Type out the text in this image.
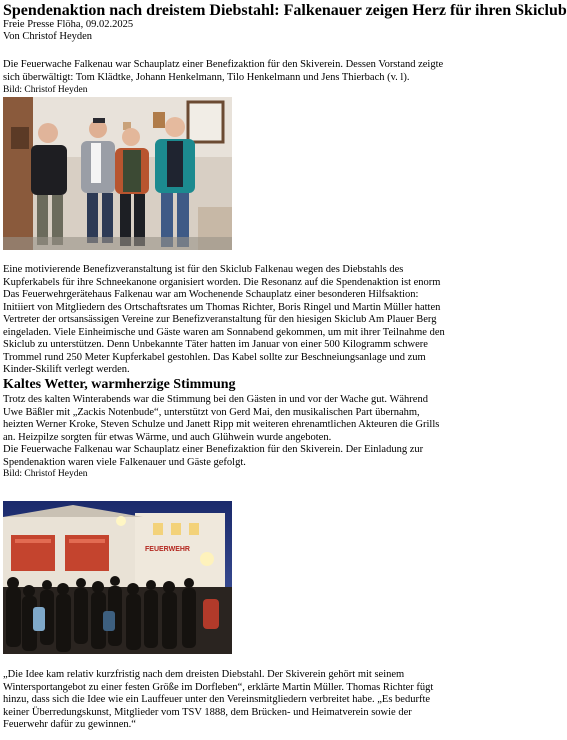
Spendenaktion nach dreistem Diebstahl: Falkenauer zeigen Herz für ihren Skiclub
Freie Presse Flöha, 09.02.2025
Von Christof Heyden
Die Feuerwache Falkenau war Schauplatz einer Benefizaktion für den Skiverein. Dessen Vorstand zeigte
sich überwältigt: Tom Klädtke, Johann Henkelmann, Tilo Henkelmann und Jens Thierbach (v. l).
Bild: Christof Heyden
Eine motivierende Benefizveranstaltung ist für den Skiclub Falkenau wegen des Diebstahls des
Kupferkabels für ihre Schneekanone organisiert worden. Die Resonanz auf die Spendenaktion ist enorm
Das Feuerwehrgerätehaus Falkenau war am Wochenende Schauplatz einer besonderen Hilfsaktion:
Initiiert von Mitgliedern des Ortschaftsrates um Thomas Richter, Boris Ringel und Martin Müller hatten
Vertreter der ortsansässigen Vereine zur Benefizveranstaltung für den hiesigen Skiclub Am Plauer Berg
eingeladen. Viele Einheimische und Gäste waren am Sonnabend gekommen, um mit ihrer Teilnahme den
Skiclub zu unterstützen. Denn Unbekannte Täter hatten im Januar von einer 500 Kilogramm schwere
Trommel rund 250 Meter Kupferkabel gestohlen. Das Kabel sollte zur Beschneiungsanlage und zum
Kinder-Skilift verlegt werden.
Kaltes Wetter, warmherzige Stimmung
Trotz des kalten Winterabends war die Stimmung bei den Gästen in und vor der Wache gut. Während
Uwe Bäßler mit „Zackis Notenbude“, unterstützt von Gerd Mai, den musikalischen Part übernahm,
heizten Werner Kroke, Steven Schulze und Janett Ripp mit weiteren ehrenamtlichen Akteuren die Grills
an. Heizpilze sorgten für etwas Wärme, und auch Glühwein wurde angeboten.
Die Feuerwache Falkenau war Schauplatz einer Benefizaktion für den Skiverein. Der Einladung zur
Spendenaktion waren viele Falkenauer und Gäste gefolgt.
Bild: Christof Heyden
FEUERWEHR
„Die Idee kam relativ kurzfristig nach dem dreisten Diebstahl. Der Skiverein gehört mit seinem
Wintersportangebot zu einer festen Größe im Dorfleben“, erklärte Martin Müller. Thomas Richter fügt
hinzu, dass sich die Idee wie ein Lauffeuer unter den Vereinsmitgliedern verbreitet habe. „Es bedurfte
keiner Überredungskunst, Mitglieder vom TSV 1888, dem Brücken- und Heimatverein sowie der
Feuerwehr dafür zu gewinnen.“
